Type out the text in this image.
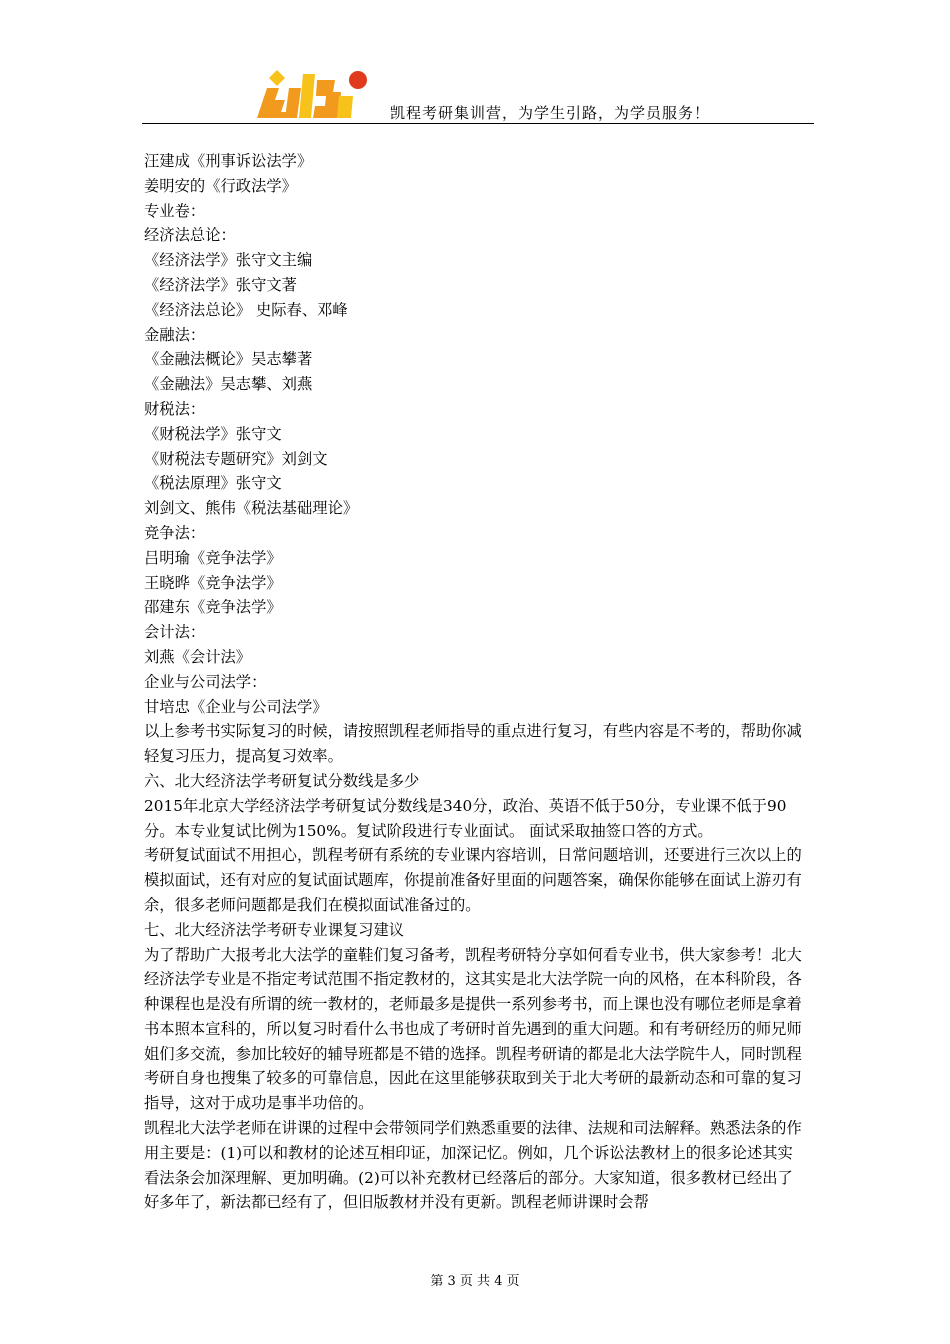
凯程考研集训营，为学生引路，为学员服务！

汪建成《刑事诉讼法学》

姜明安的《行政法学》

专业卷：

经济法总论：

《经济法学》张守文主编

《经济法学》张守文著

《经济法总论》 史际春、邓峰

金融法：

《金融法概论》吴志攀著

《金融法》吴志攀、刘燕

财税法：

《财税法学》张守文

《财税法专题研究》刘剑文

《税法原理》张守文

刘剑文、熊伟《税法基础理论》

竞争法：

吕明瑜《竞争法学》

王晓晔《竞争法学》

邵建东《竞争法学》

会计法：

刘燕《会计法》

企业与公司法学：

甘培忠《企业与公司法学》

以上参考书实际复习的时候，请按照凯程老师指导的重点进行复习，有些内容是不考的，帮助你减轻复习压力，提高复习效率。

六、北大经济法学考研复试分数线是多少

2015年北京大学经济法学考研复试分数线是340分，政治、英语不低于50分，专业课不低于90分。本专业复试比例为150%。复试阶段进行专业面试。 面试采取抽签口答的方式。

考研复试面试不用担心，凯程考研有系统的专业课内容培训，日常问题培训，还要进行三次以上的模拟面试，还有对应的复试面试题库，你提前准备好里面的问题答案，确保你能够在面试上游刃有余，很多老师问题都是我们在模拟面试准备过的。

七、北大经济法学考研专业课复习建议

为了帮助广大报考北大法学的童鞋们复习备考，凯程考研特分享如何看专业书，供大家参考！北大经济法学专业是不指定考试范围不指定教材的，这其实是北大法学院一向的风格，在本科阶段，各种课程也是没有所谓的统一教材的，老师最多是提供一系列参考书，而上课也没有哪位老师是拿着书本照本宣科的，所以复习时看什么书也成了考研时首先遇到的重大问题。和有考研经历的师兄师姐们多交流，参加比较好的辅导班都是不错的选择。凯程考研请的都是北大法学院牛人，同时凯程考研自身也搜集了较多的可靠信息，因此在这里能够获取到关于北大考研的最新动态和可靠的复习指导，这对于成功是事半功倍的。

凯程北大法学老师在讲课的过程中会带领同学们熟悉重要的法律、法规和司法解释。熟悉法条的作用主要是：(1)可以和教材的论述互相印证，加深记忆。例如，几个诉讼法教材上的很多论述其实看法条会加深理解、更加明确。(2)可以补充教材已经落后的部分。大家知道，很多教材已经出了好多年了，新法都已经有了，但旧版教材并没有更新。凯程老师讲课时会帮

第 3 页 共 4 页
